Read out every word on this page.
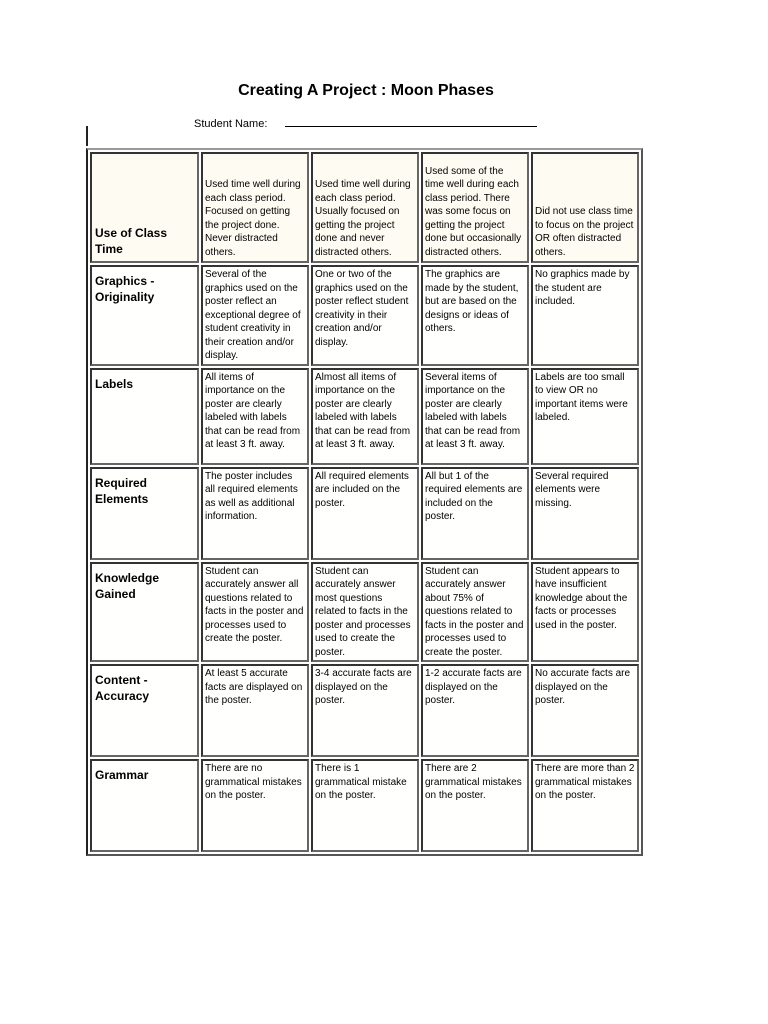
Creating A Project : Moon Phases
Student Name:
Use of Class Time	Used time well during each class period. Focused on getting the project done. Never distracted others.	Used time well during each class period. Usually focused on getting the project done and never distracted others.	Used some of the time well during each class period. There was some focus on getting the project done but occasionally distracted others.	Did not use class time to focus on the project OR often distracted others.
Graphics - Originality	Several of the graphics used on the poster reflect an exceptional degree of student creativity in their creation and/or display.	One or two of the graphics used on the poster reflect student creativity in their creation and/or display.	The graphics are made by the student, but are based on the designs or ideas of others.	No graphics made by the student are included.
Labels	All items of importance on the poster are clearly labeled with labels that can be read from at least 3 ft. away.	Almost all items of importance on the poster are clearly labeled with labels that can be read from at least 3 ft. away.	Several items of importance on the poster are clearly labeled with labels that can be read from at least 3 ft. away.	Labels are too small to view OR no important items were labeled.
Required Elements	The poster includes all required elements as well as additional information.	All required elements are included on the poster.	All but 1 of the required elements are included on the poster.	Several required elements were missing.
Knowledge Gained	Student can accurately answer all questions related to facts in the poster and processes used to create the poster.	Student can accurately answer most questions related to facts in the poster and processes used to create the poster.	Student can accurately answer about 75% of questions related to facts in the poster and processes used to create the poster.	Student appears to have insufficient knowledge about the facts or processes used in the poster.
Content - Accuracy	At least 5 accurate facts are displayed on the poster.	3-4 accurate facts are displayed on the poster.	1-2 accurate facts are displayed on the poster.	No accurate facts are displayed on the poster.
Grammar	There are no grammatical mistakes on the poster.	There is 1 grammatical mistake on the poster.	There are 2 grammatical mistakes on the poster.	There are more than 2 grammatical mistakes on the poster.
